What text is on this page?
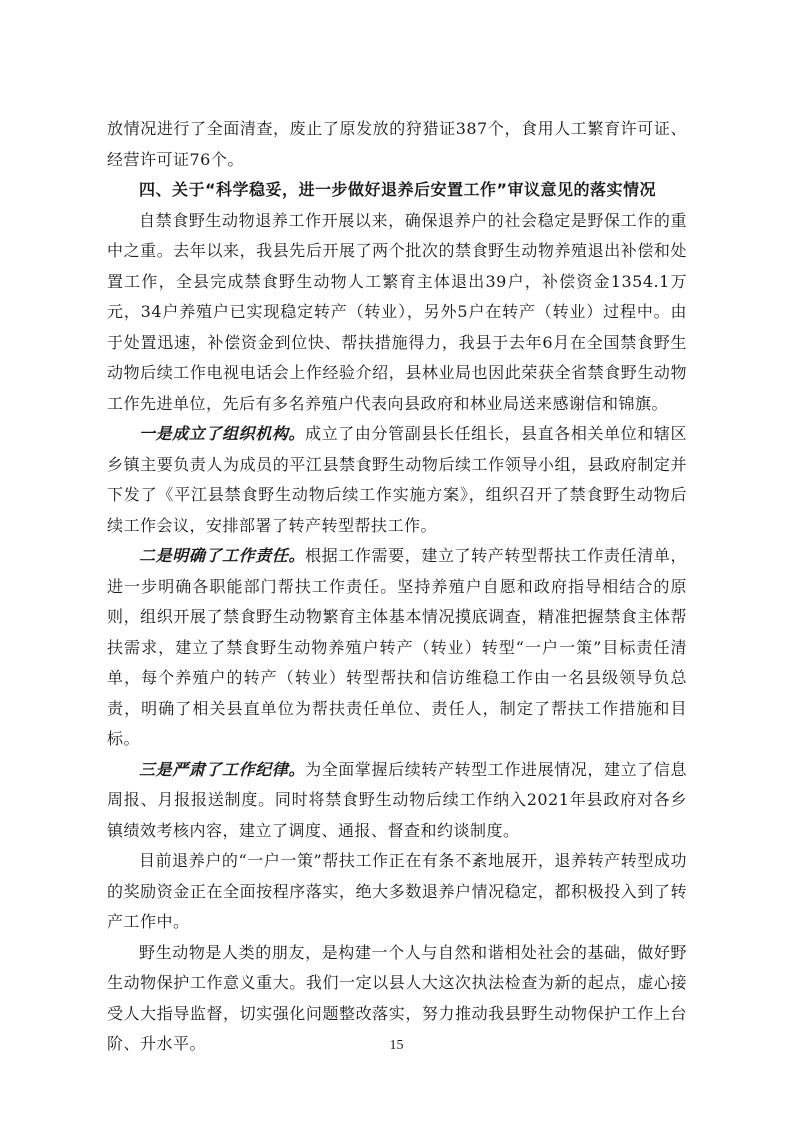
放情况进行了全面清查，废止了原发放的狩猎证387个，食用人工繁育许可证、经营许可证76个。

四、关于“科学稳妥，进一步做好退养后安置工作”审议意见的落实情况

自禁食野生动物退养工作开展以来，确保退养户的社会稳定是野保工作的重中之重。去年以来，我县先后开展了两个批次的禁食野生动物养殖退出补偿和处置工作，全县完成禁食野生动物人工繁育主体退出39户，补偿资金1354.1万元，34户养殖户已实现稳定转产（转业），另外5户在转产（转业）过程中。由于处置迅速，补偿资金到位快、帮扶措施得力，我县于去年6月在全国禁食野生动物后续工作电视电话会上作经验介绍，县林业局也因此荣获全省禁食野生动物工作先进单位，先后有多名养殖户代表向县政府和林业局送来感谢信和锦旗。

一是成立了组织机构。成立了由分管副县长任组长，县直各相关单位和辖区乡镇主要负责人为成员的平江县禁食野生动物后续工作领导小组，县政府制定并下发了《平江县禁食野生动物后续工作实施方案》，组织召开了禁食野生动物后续工作会议，安排部署了转产转型帮扶工作。

二是明确了工作责任。根据工作需要，建立了转产转型帮扶工作责任清单，进一步明确各职能部门帮扶工作责任。坚持养殖户自愿和政府指导相结合的原则，组织开展了禁食野生动物繁育主体基本情况摸底调查，精准把握禁食主体帮扶需求，建立了禁食野生动物养殖户转产（转业）转型“一户一策”目标责任清单，每个养殖户的转产（转业）转型帮扶和信访维稳工作由一名县级领导负总责，明确了相关县直单位为帮扶责任单位、责任人，制定了帮扶工作措施和目标。

三是严肃了工作纪律。为全面掌握后续转产转型工作进展情况，建立了信息周报、月报报送制度。同时将禁食野生动物后续工作纳入2021年县政府对各乡镇绩效考核内容，建立了调度、通报、督查和约谈制度。

目前退养户的“一户一策”帮扶工作正在有条不紊地展开，退养转产转型成功的奖励资金正在全面按程序落实，绝大多数退养户情况稳定，都积极投入到了转产工作中。

野生动物是人类的朋友，是构建一个人与自然和谐相处社会的基础，做好野生动物保护工作意义重大。我们一定以县人大这次执法检查为新的起点，虚心接受人大指导监督，切实强化问题整改落实，努力推动我县野生动物保护工作上台阶、升水平。	15
